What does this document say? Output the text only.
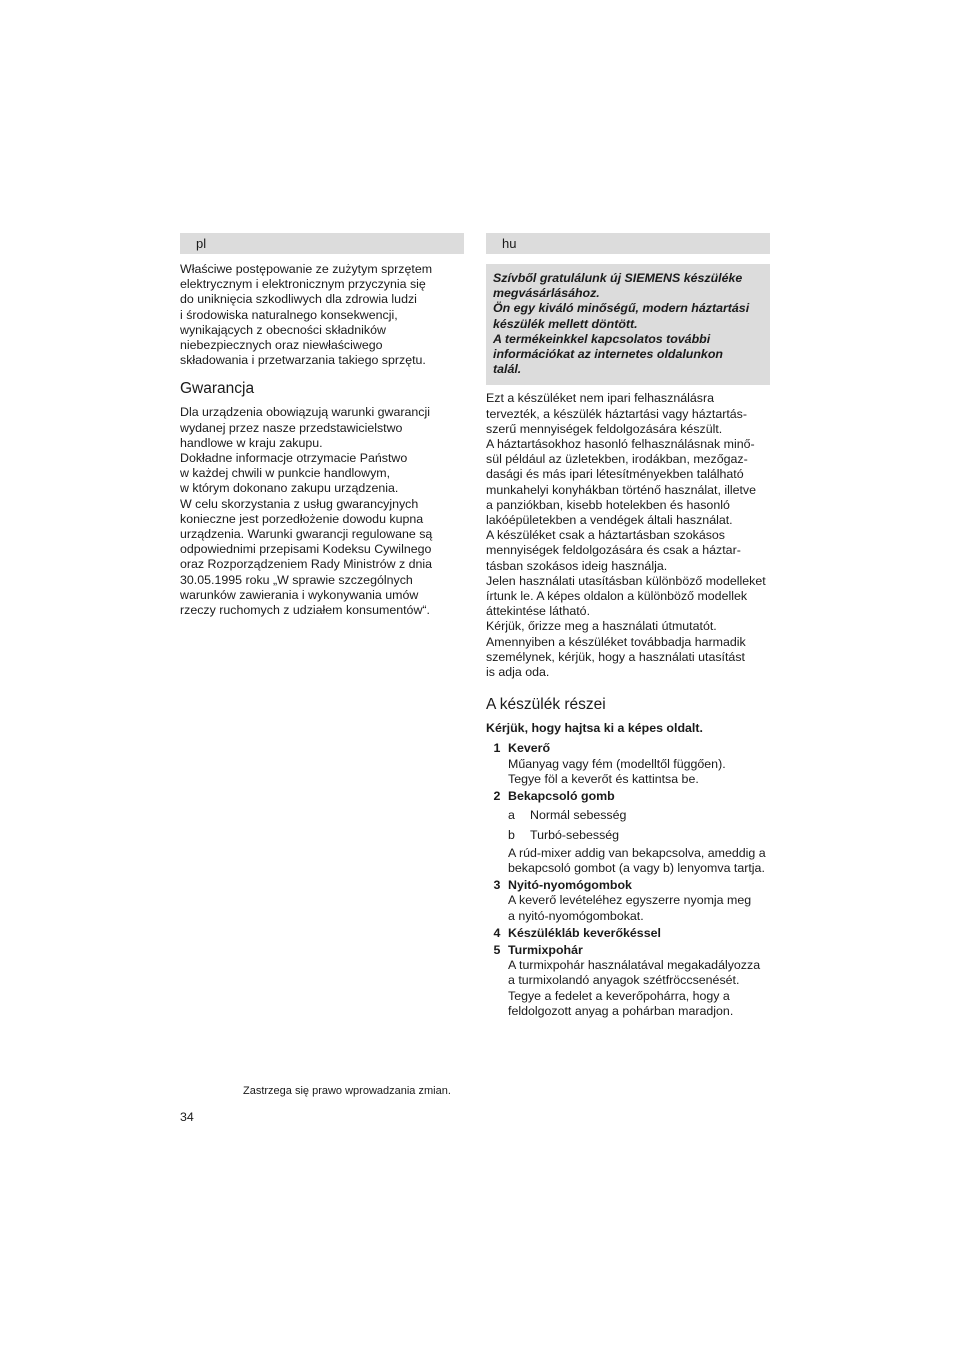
pl

Właściwe postępowanie ze zużytym sprzętem
elektrycznym i elektronicznym przyczynia się
do uniknięcia szkodliwych dla zdrowia ludzi
i środowiska naturalnego konsekwencji,
wynikających z obecności składników
niebezpiecznych oraz niewłaściwego
składowania i przetwarzania takiego sprzętu.

Gwarancja

Dla urządzenia obowiązują warunki gwarancji
wydanej przez nasze przedstawicielstwo
handlowe w kraju zakupu.

Dokładne informacje otrzymacie Państwo
w każdej chwili w punkcie handlowym,
w którym dokonano zakupu urządzenia.

W celu skorzystania z usług gwarancyjnych
konieczne jest porzedłożenie dowodu kupna
urządzenia. Warunki gwarancji regulowane są
odpowiednimi przepisami Kodeksu Cywilnego
oraz Rozporządzeniem Rady Ministrów z dnia
30.05.1995 roku „W sprawie szczególnych
warunków zawierania i wykonywania umów
rzeczy ruchomych z udziałem konsumentów“.

hu
Szívből gratulálunk új SIEMENS készüléke
megvásárlásához.
Ön egy kiváló minőségű, modern háztartási
készülék mellett döntött.
A termékeinkkel kapcsolatos további
információkat az internetes oldalunkon
talál.

Ezt a készüléket nem ipari felhasználásra
tervezték, a készülék háztartási vagy háztartás-
szerű mennyiségek feldolgozására készült.

A háztartásokhoz hasonló felhasználásnak minő-
sül például az üzletekben, irodákban, mezőgaz-
dasági és más ipari létesítményekben található
munkahelyi konyhákban történő használat, illetve
a panziókban, kisebb hotelekben és hasonló
lakóépületekben a vendégek általi használat.

A készüléket csak a háztartásban szokásos
mennyiségek feldolgozására és csak a háztar-
tásban szokásos ideig használja.

Jelen használati utasításban különböző modelleket
írtunk le. A képes oldalon a különböző modellek
áttekintése látható.

Kérjük, őrizze meg a használati útmutatót.
Amennyiben a készüléket továbbadja harmadik
személynek, kérjük, hogy a használati utasítást
is adja oda.

A készülék részei
Kérjük, hogy hajtsa ki a képes oldalt.
1 Keverő

Műanyag vagy fém (modelltől függően).
Tegye föl a keverőt és kattintsa be.

2 Bekapcsoló gomb
a	Normál sebesség

b	Turbó-sebesség

A rúd-mixer addig van bekapcsolva, ameddig a
bekapcsoló gombot (a vagy b) lenyomva tartja.

3 Nyitó-nyomógombok

A keverő levételéhez egyszerre nyomja meg
a nyitó-nyomógombokat.

4 Készülékláb keverőkéssel
5 Turmixpohár

A turmixpohár használatával megakadályozza
a turmixolandó anyagok szétfröccsenését.

Tegye a fedelet a keverőpohárra, hogy a
feldolgozott anyag a pohárban maradjon.

Zastrzega się prawo wprowadzania zmian.
34
